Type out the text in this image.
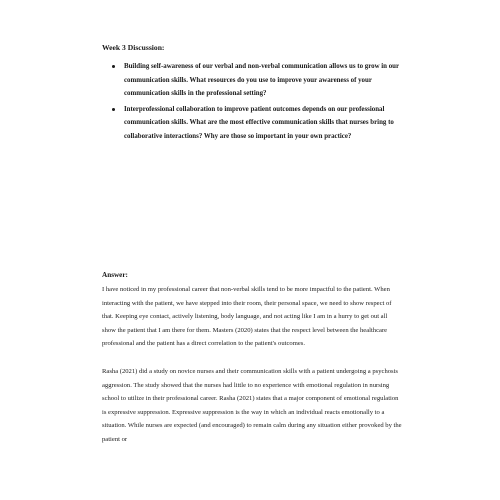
Week 3 Discussion:
Building self-awareness of our verbal and non-verbal communication allows us to grow in our communication skills. What resources do you use to improve your awareness of your communication skills in the professional setting?
Interprofessional collaboration to improve patient outcomes depends on our professional communication skills. What are the most effective communication skills that nurses bring to collaborative interactions? Why are those so important in your own practice?
Answer:

I have noticed in my professional career that non-verbal skills tend to be more impactful to the patient. When interacting with the patient, we have stepped into their room, their personal space, we need to show respect of that. Keeping eye contact, actively listening, body language, and not acting like I am in a hurry to get out all show the patient that I am there for them. Masters (2020) states that the respect level between the healthcare professional and the patient has a direct correlation to the patient's outcomes.

Rasha (2021) did a study on novice nurses and their communication skills with a patient undergoing a psychosis aggression. The study showed that the nurses had little to no experience with emotional regulation in nursing school to utilize in their professional career. Rasha (2021) states that a major component of emotional regulation is expressive suppression. Expressive suppression is the way in which an individual reacts emotionally to a situation. While nurses are expected (and encouraged) to remain calm during any situation either provoked by the patient or
